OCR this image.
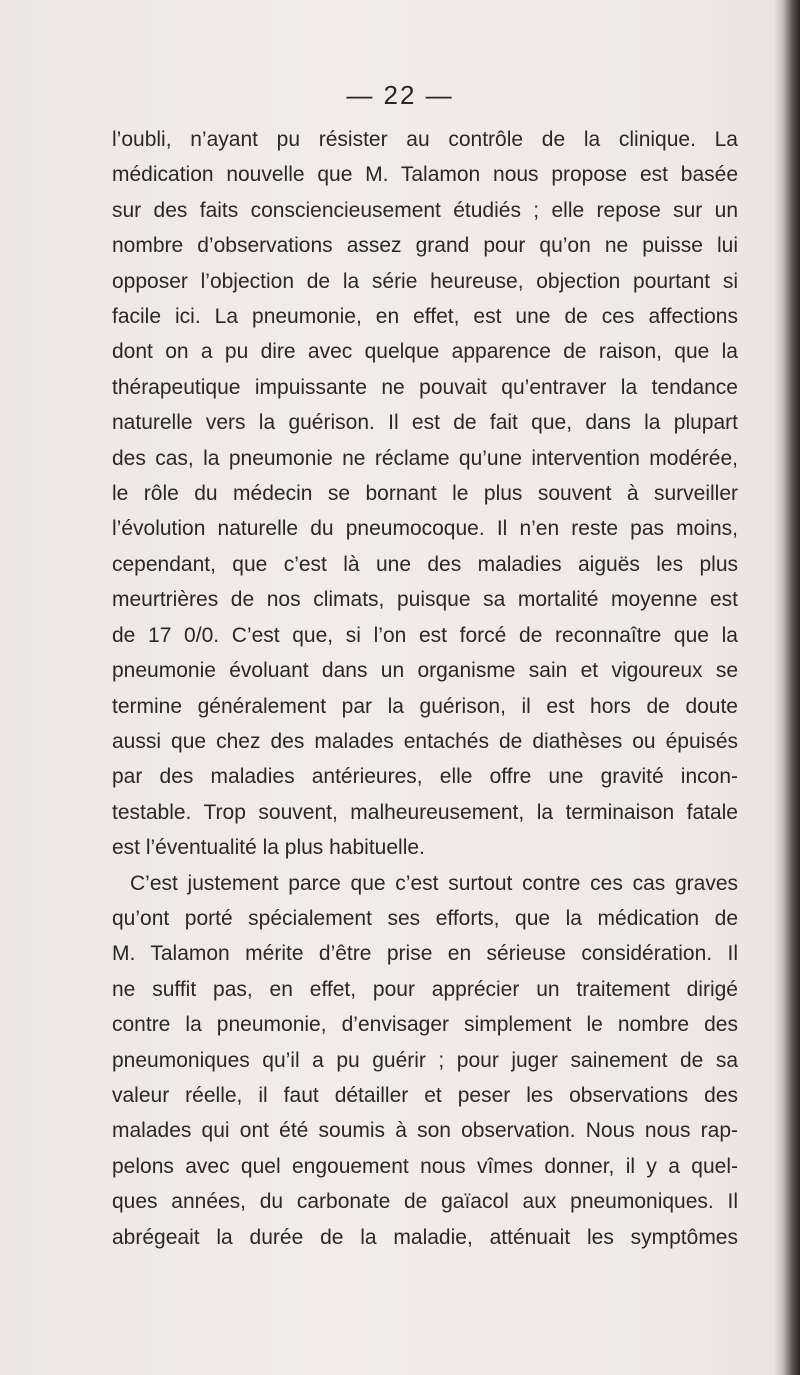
— 22 —
l’oubli, n’ayant pu résister au contrôle de la clinique. La
médication nouvelle que M. Talamon nous propose est basée
sur des faits consciencieusement étudiés ; elle repose sur un
nombre d’observations assez grand pour qu’on ne puisse lui
opposer l’objection de la série heureuse, objection pourtant si
facile ici. La pneumonie, en effet, est une de ces affections
dont on a pu dire avec quelque apparence de raison, que la
thérapeutique impuissante ne pouvait qu’entraver la tendance
naturelle vers la guérison. Il est de fait que, dans la plupart
des cas, la pneumonie ne réclame qu’une intervention modérée,
le rôle du médecin se bornant le plus souvent à surveiller
l’évolution naturelle du pneumocoque. Il n’en reste pas moins,
cependant, que c’est là une des maladies aiguës les plus
meurtrières de nos climats, puisque sa mortalité moyenne est
de 17 0/0. C’est que, si l’on est forcé de reconnaître que la
pneumonie évoluant dans un organisme sain et vigoureux se
termine généralement par la guérison, il est hors de doute
aussi que chez des malades entachés de diathèses ou épuisés
par des maladies antérieures, elle offre une gravité incon-
testable. Trop souvent, malheureusement, la terminaison fatale
est l’éventualité la plus habituelle.
C’est justement parce que c’est surtout contre ces cas graves
qu’ont porté spécialement ses efforts, que la médication de
M. Talamon mérite d’être prise en sérieuse considération. Il
ne suffit pas, en effet, pour apprécier un traitement dirigé
contre la pneumonie, d’envisager simplement le nombre des
pneumoniques qu’il a pu guérir ; pour juger sainement de sa
valeur réelle, il faut détailler et peser les observations des
malades qui ont été soumis à son observation. Nous nous rap-
pelons avec quel engouement nous vîmes donner, il y a quel-
ques années, du carbonate de gaïacol aux pneumoniques. Il
abrégeait la durée de la maladie, atténuait les symptômes
